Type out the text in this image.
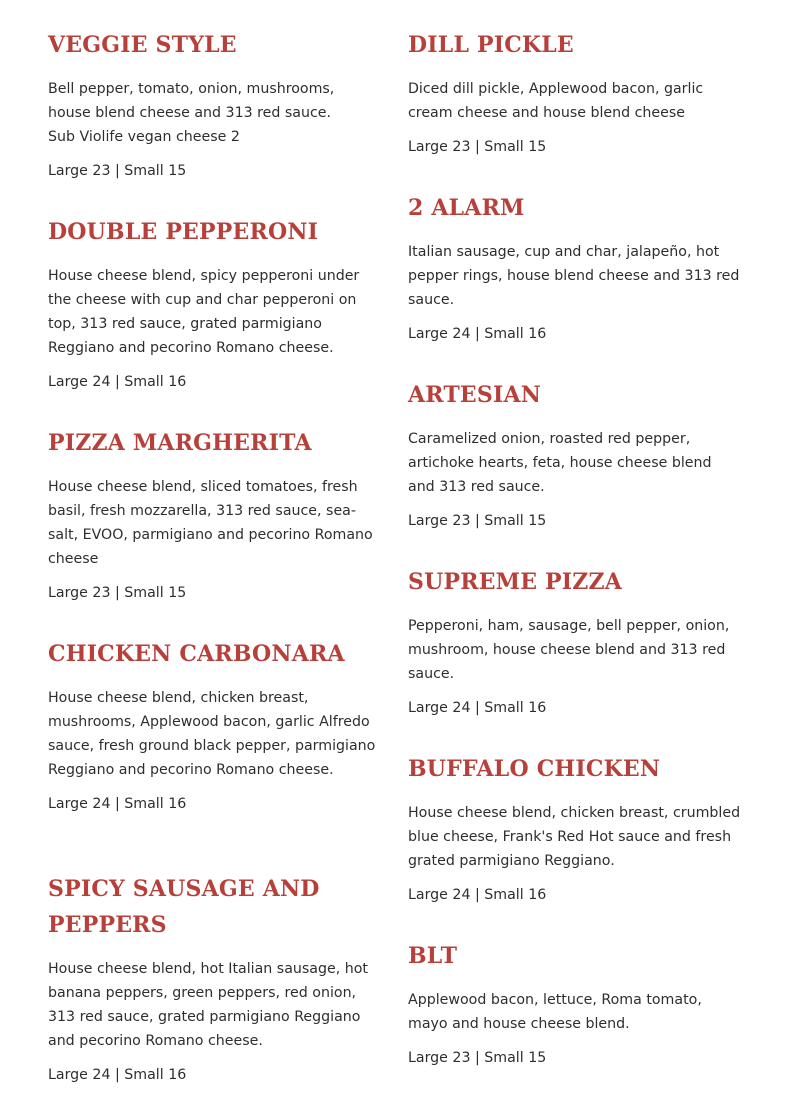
VEGGIE STYLE

Bell pepper, tomato, onion, mushrooms, house blend cheese and 313 red sauce.
Sub Violife vegan cheese 2

Large 23 | Small 15

DOUBLE PEPPERONI

House cheese blend, spicy pepperoni under the cheese with cup and char pepperoni on top, 313 red sauce, grated parmigiano Reggiano and pecorino Romano cheese.

Large 24 | Small 16

PIZZA MARGHERITA

House cheese blend, sliced tomatoes, fresh basil, fresh mozzarella, 313 red sauce, sea-salt, EVOO, parmigiano and pecorino Romano cheese

Large 23 | Small 15

CHICKEN CARBONARA

House cheese blend, chicken breast, mushrooms, Applewood bacon, garlic Alfredo sauce, fresh ground black pepper, parmigiano Reggiano and pecorino Romano cheese.

Large 24 | Small 16

SPICY SAUSAGE AND PEPPERS

House cheese blend, hot Italian sausage, hot banana peppers, green peppers, red onion, 313 red sauce, grated parmigiano Reggiano and pecorino Romano cheese.

Large 24 | Small 16

DILL PICKLE

Diced dill pickle, Applewood bacon, garlic cream cheese and house blend cheese

Large 23 | Small 15

2 ALARM

Italian sausage, cup and char, jalapeño, hot pepper rings, house blend cheese and 313 red sauce.

Large 24 | Small 16

ARTESIAN

Caramelized onion, roasted red pepper, artichoke hearts, feta, house cheese blend and 313 red sauce.

Large 23 | Small 15

SUPREME PIZZA

Pepperoni, ham, sausage, bell pepper, onion, mushroom, house cheese blend and 313 red sauce.

Large 24 | Small 16

BUFFALO CHICKEN

House cheese blend, chicken breast, crumbled blue cheese, Frank's Red Hot sauce and fresh grated parmigiano Reggiano.

Large 24 | Small 16

BLT

Applewood bacon, lettuce, Roma tomato, mayo and house cheese blend.

Large 23 | Small 15
